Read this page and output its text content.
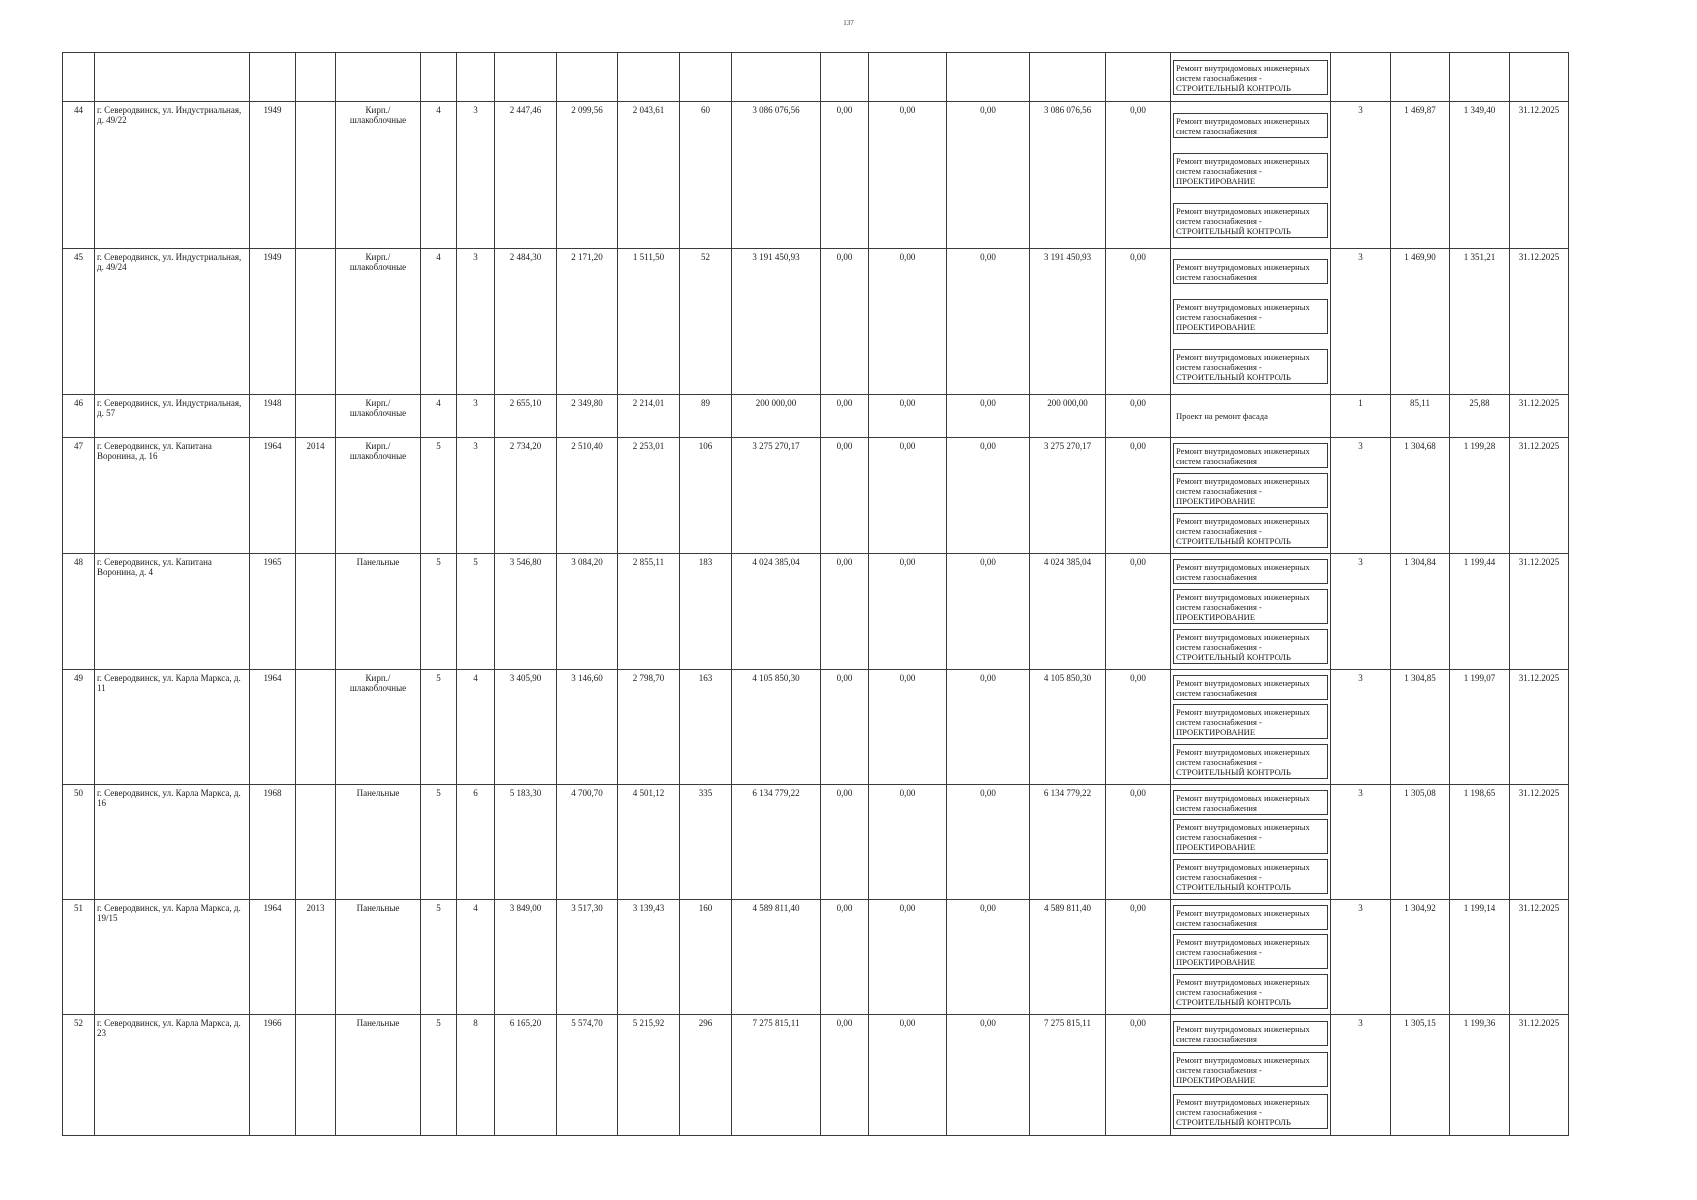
137

																	Ремонт внутридомовых инженерных систем газоснабжения - СТРОИТЕЛЬНЫЙ КОНТРОЛЬ				

44	г. Северодвинск, ул. Индустриальная, д. 49/22	1949		Кирп./ шлакоблочные	4	3	2 447,46	2 099,56	2 043,61	60	3 086 076,56	0,00	0,00	0,00	3 086 076,56	0,00	Ремонт внутридомовых инженерных систем газоснабжения
Ремонт внутридомовых инженерных систем газоснабжения - ПРОЕКТИРОВАНИЕ
Ремонт внутридомовых инженерных систем газоснабжения - СТРОИТЕЛЬНЫЙ КОНТРОЛЬ	3	1 469,87	1 349,40	31.12.2025
45	г. Северодвинск, ул. Индустриальная, д. 49/24	1949		Кирп./ шлакоблочные	4	3	2 484,30	2 171,20	1 511,50	52	3 191 450,93	0,00	0,00	0,00	3 191 450,93	0,00	Ремонт внутридомовых инженерных систем газоснабжения
Ремонт внутридомовых инженерных систем газоснабжения - ПРОЕКТИРОВАНИЕ
Ремонт внутридомовых инженерных систем газоснабжения - СТРОИТЕЛЬНЫЙ КОНТРОЛЬ	3	1 469,90	1 351,21	31.12.2025
46	г. Северодвинск, ул. Индустриальная, д. 57	1948		Кирп./ шлакоблочные	4	3	2 655,10	2 349,80	2 214,01	89	200 000,00	0,00	0,00	0,00	200 000,00	0,00	Проект на ремонт фасада	1	85,11	25,88	31.12.2025
47	г. Северодвинск, ул. Капитана Воронина, д. 16	1964	2014	Кирп./ шлакоблочные	5	3	2 734,20	2 510,40	2 253,01	106	3 275 270,17	0,00	0,00	0,00	3 275 270,17	0,00	Ремонт внутридомовых инженерных систем газоснабжения
Ремонт внутридомовых инженерных систем газоснабжения - ПРОЕКТИРОВАНИЕ
Ремонт внутридомовых инженерных систем газоснабжения - СТРОИТЕЛЬНЫЙ КОНТРОЛЬ	3	1 304,68	1 199,28	31.12.2025
48	г. Северодвинск, ул. Капитана Воронина, д. 4	1965		Панельные	5	5	3 546,80	3 084,20	2 855,11	183	4 024 385,04	0,00	0,00	0,00	4 024 385,04	0,00	Ремонт внутридомовых инженерных систем газоснабжения
Ремонт внутридомовых инженерных систем газоснабжения - ПРОЕКТИРОВАНИЕ
Ремонт внутридомовых инженерных систем газоснабжения - СТРОИТЕЛЬНЫЙ КОНТРОЛЬ	3	1 304,84	1 199,44	31.12.2025
49	г. Северодвинск, ул. Карла Маркса, д. 11	1964		Кирп./ шлакоблочные	5	4	3 405,90	3 146,60	2 798,70	163	4 105 850,30	0,00	0,00	0,00	4 105 850,30	0,00	Ремонт внутридомовых инженерных систем газоснабжения
Ремонт внутридомовых инженерных систем газоснабжения - ПРОЕКТИРОВАНИЕ
Ремонт внутридомовых инженерных систем газоснабжения - СТРОИТЕЛЬНЫЙ КОНТРОЛЬ	3	1 304,85	1 199,07	31.12.2025
50	г. Северодвинск, ул. Карла Маркса, д. 16	1968		Панельные	5	6	5 183,30	4 700,70	4 501,12	335	6 134 779,22	0,00	0,00	0,00	6 134 779,22	0,00	Ремонт внутридомовых инженерных систем газоснабжения
Ремонт внутридомовых инженерных систем газоснабжения - ПРОЕКТИРОВАНИЕ
Ремонт внутридомовых инженерных систем газоснабжения - СТРОИТЕЛЬНЫЙ КОНТРОЛЬ	3	1 305,08	1 198,65	31.12.2025
51	г. Северодвинск, ул. Карла Маркса, д. 19/15	1964	2013	Панельные	5	4	3 849,00	3 517,30	3 139,43	160	4 589 811,40	0,00	0,00	0,00	4 589 811,40	0,00	Ремонт внутридомовых инженерных систем газоснабжения
Ремонт внутридомовых инженерных систем газоснабжения - ПРОЕКТИРОВАНИЕ
Ремонт внутридомовых инженерных систем газоснабжения - СТРОИТЕЛЬНЫЙ КОНТРОЛЬ	3	1 304,92	1 199,14	31.12.2025
52	г. Северодвинск, ул. Карла Маркса, д. 23	1966		Панельные	5	8	6 165,20	5 574,70	5 215,92	296	7 275 815,11	0,00	0,00	0,00	7 275 815,11	0,00	Ремонт внутридомовых инженерных систем газоснабжения
Ремонт внутридомовых инженерных систем газоснабжения - ПРОЕКТИРОВАНИЕ
Ремонт внутридомовых инженерных систем газоснабжения - СТРОИТЕЛЬНЫЙ КОНТРОЛЬ	3	1 305,15	1 199,36	31.12.2025
